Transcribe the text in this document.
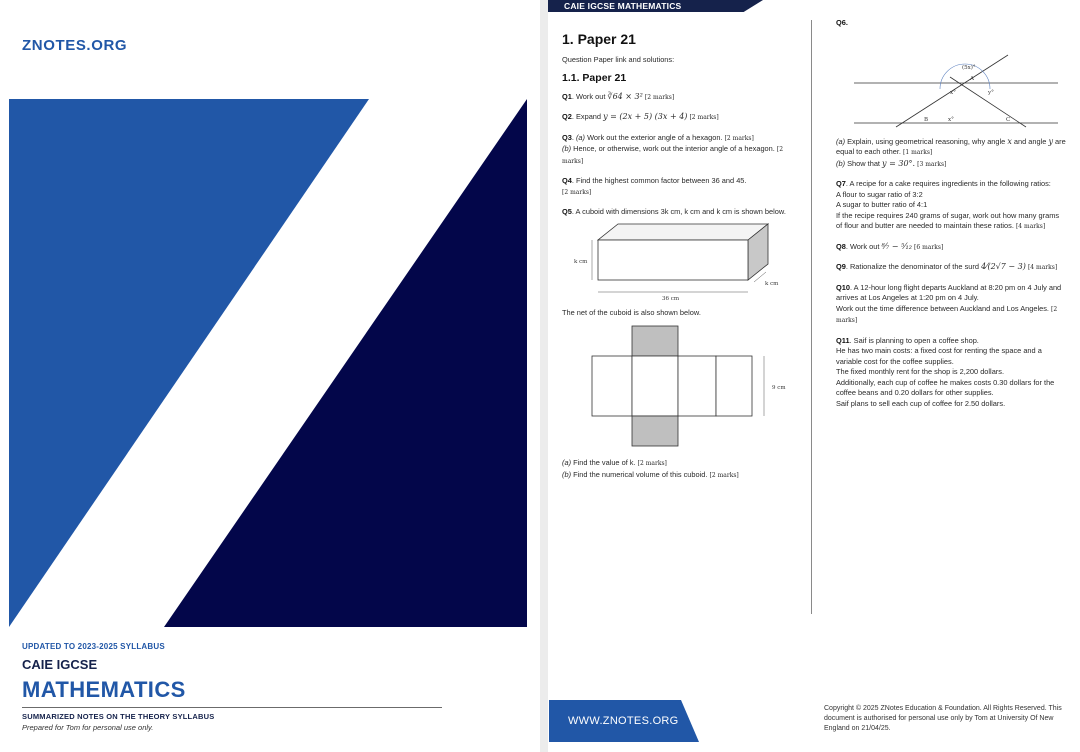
ZNOTES.ORG
UPDATED TO 2023-2025 SYLLABUS
CAIE IGCSE
MATHEMATICS
SUMMARIZED NOTES ON THE THEORY SYLLABUS
Prepared for Tom for personal use only.
CAIE IGCSE MATHEMATICS
1. Paper 21
Question Paper link and solutions:
1.1. Paper 21
Q1. Work out ∛64 × 3² [2 marks]
Q2. Expand y = (2x + 5) (3x + 4) [2 marks]
Q3. (a) Work out the exterior angle of a hexagon. [2 marks]
(b) Hence, or otherwise, work out the interior angle of a hexagon. [2 marks]
Q4. Find the highest common factor between 36 and 45.
[2 marks]
Q5. A cuboid with dimensions 3k cm, k cm and k cm is shown below.
k cm
k cm
36 cm
The net of the cuboid is also shown below.
9 cm
(a) Find the value of k. [2 marks]
(b) Find the numerical volume of this cuboid. [2 marks]
Q6.
(5x)°
x°	y°
x°
A
B	C
(a) Explain, using geometrical reasoning, why angle x and angle y are equal to each other. [1 marks]
(b) Show that y = 30°. [3 marks]
Q7. A recipe for a cake requires ingredients in the following ratios:
A flour to sugar ratio of 3:2
A sugar to butter ratio of 4:1
If the recipe requires 240 grams of sugar, work out how many grams of flour and butter are needed to maintain these ratios. [4 marks]
Q8. Work out ⁸⁄₇ − ⁵⁄₁₂ [6 marks]
Q9. Rationalize the denominator of the surd 4⁄(2√7 − 3) [4 marks]
Q10. A 12-hour long flight departs Auckland at 8:20 pm on 4 July and arrives at Los Angeles at 1:20 pm on 4 July.
Work out the time difference between Auckland and Los Angeles. [2 marks]
Q11. Saif is planning to open a coffee shop.
He has two main costs: a fixed cost for renting the space and a variable cost for the coffee supplies.
The fixed monthly rent for the shop is 2,200 dollars.
Additionally, each cup of coffee he makes costs 0.30 dollars for the coffee beans and 0.20 dollars for other supplies.
Saif plans to sell each cup of coffee for 2.50 dollars.
WWW.ZNOTES.ORG
Copyright © 2025 ZNotes Education & Foundation. All Rights Reserved. This document is authorised for personal use only by Tom at University Of New England on 21/04/25.
